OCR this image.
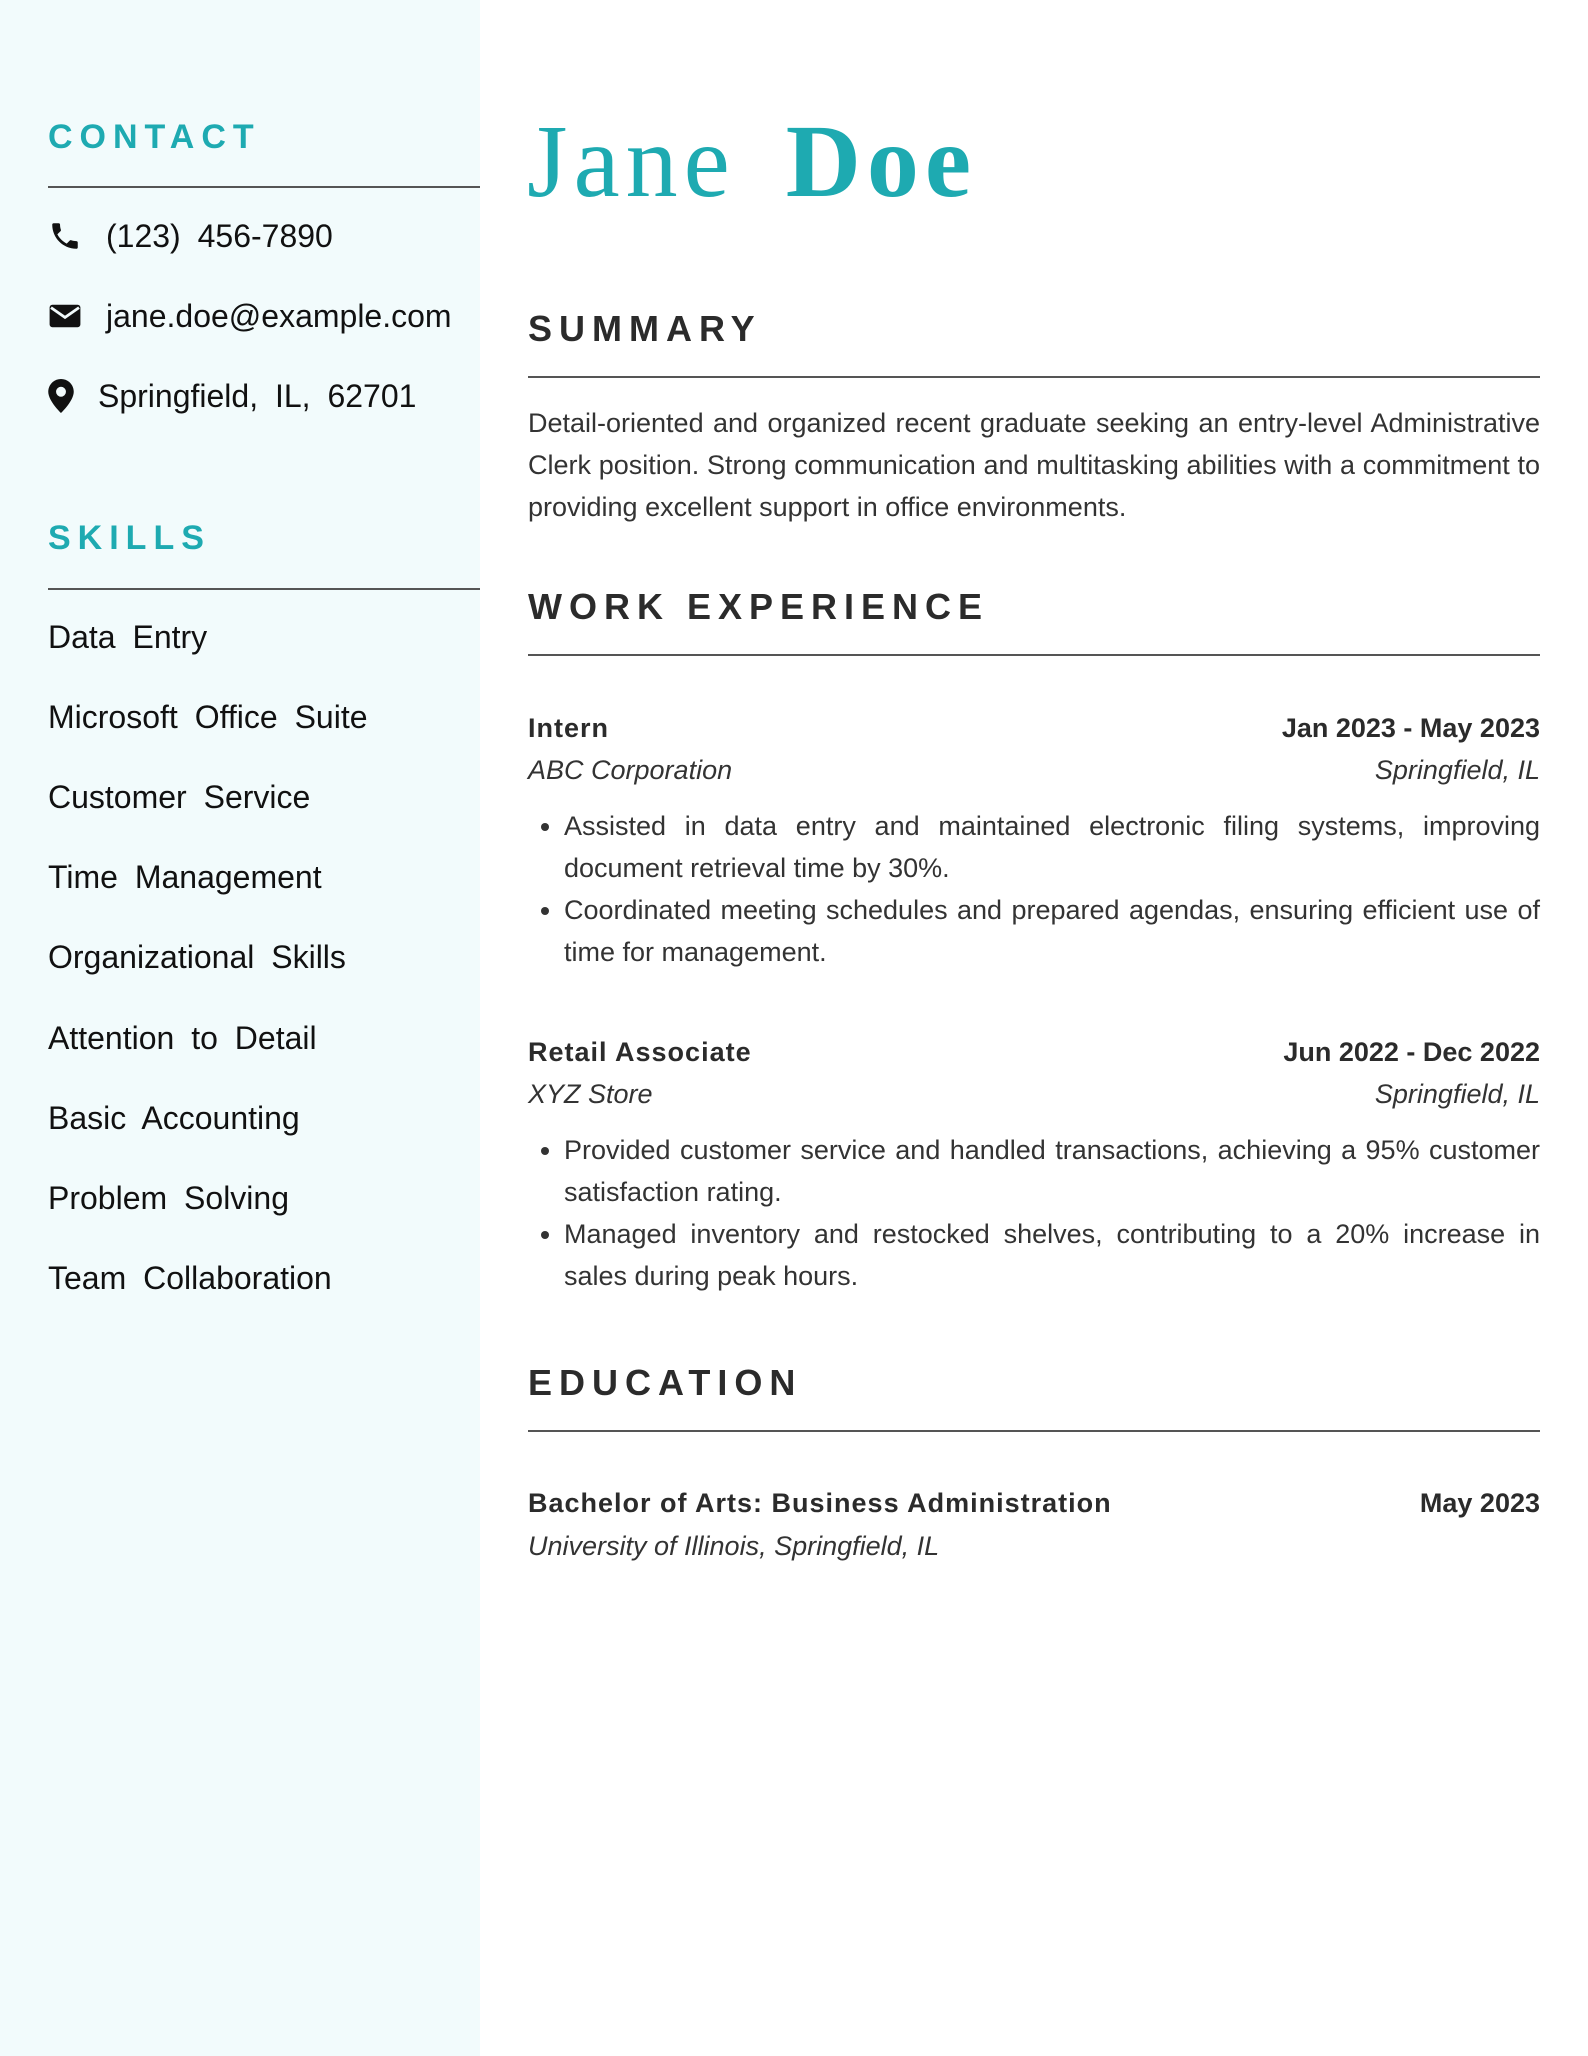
CONTACT
(123) 456-7890
jane.doe@example.com
Springfield, IL, 62701
SKILLS
Data Entry
Microsoft Office Suite
Customer Service
Time Management
Organizational Skills
Attention to Detail
Basic Accounting
Problem Solving
Team Collaboration
Jane Doe
SUMMARY
Detail-oriented and organized recent graduate seeking an entry-level Administrative Clerk position. Strong communication and multitasking abilities with a commitment to providing excellent support in office environments.
WORK EXPERIENCE
Intern	Jan 2023 - May 2023
ABC Corporation	Springfield, IL
• Assisted in data entry and maintained electronic filing systems, improving document retrieval time by 30%.
• Coordinated meeting schedules and prepared agendas, ensuring efficient use of time for management.
Retail Associate	Jun 2022 - Dec 2022
XYZ Store	Springfield, IL
• Provided customer service and handled transactions, achieving a 95% customer satisfaction rating.
• Managed inventory and restocked shelves, contributing to a 20% increase in sales during peak hours.
EDUCATION
Bachelor of Arts: Business Administration	May 2023
University of Illinois, Springfield, IL
